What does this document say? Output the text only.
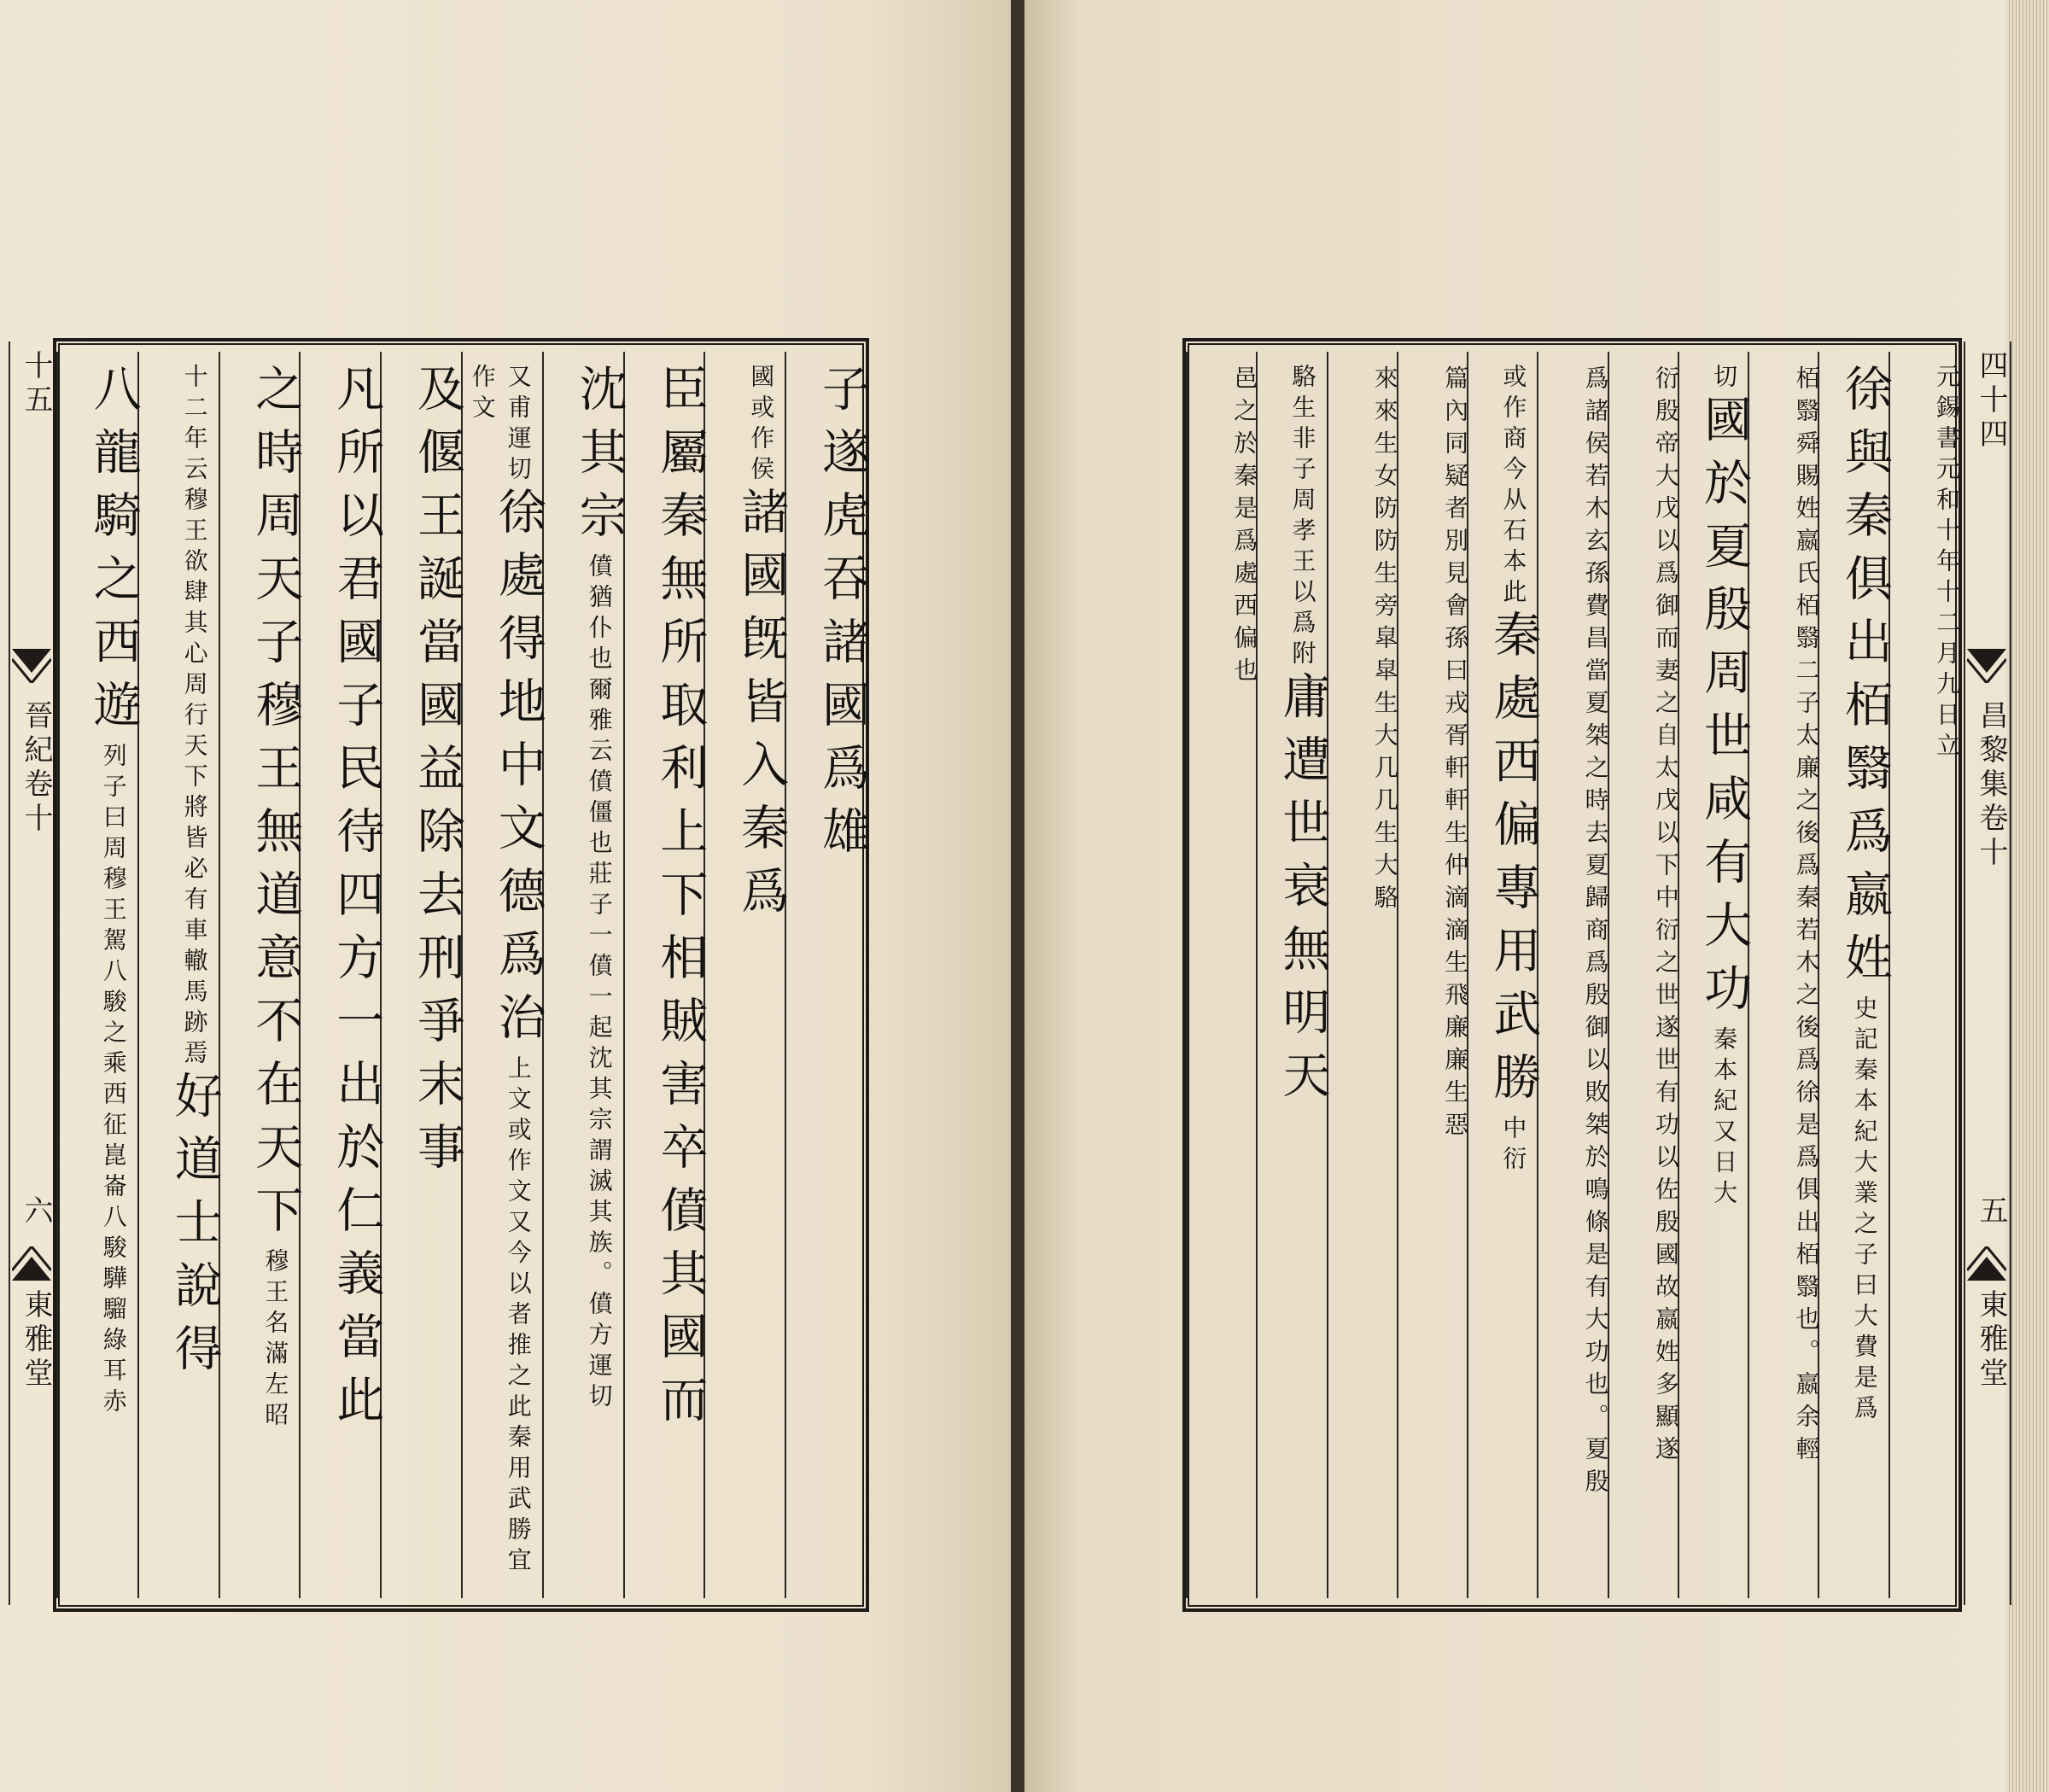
十五
晉紀卷十
六
東雅堂
子遂虎吞諸國爲雄
國或作侯諸國旣皆入秦爲
臣屬秦無所取利上下相賊害卒僨其國而
沈其宗僨猶仆也爾雅云僨僵也莊子一僨一起沈其宗謂滅其族。僨方運切
又甫運切徐處得地中文德爲治上文或作文又今以者推之此秦用武勝宜作文
及偃王誕當國益除去刑爭末事
凡所以君國子民待四方一出於仁義當此
之時周天子穆王無道意不在天下穆王名滿左昭
十二年云穆王欲肆其心周行天下將皆必有車轍馬跡焉好道士說得
八龍騎之西遊列子曰周穆王駕八駿之乘西征崑崙八駿驊騮綠耳赤
四十四
昌黎集卷十
五
東雅堂
元錫書元和十年十二月九日立
徐與秦俱出栢翳爲嬴姓史記秦本紀大業之子曰大費是爲
栢翳舜賜姓嬴氏栢翳二子太廉之後爲秦若木之後爲徐是爲俱出栢翳也。嬴余輕
切國於夏殷周世咸有大功秦本紀又日大
衍殷帝大戊以爲御而妻之自太戊以下中衍之世遂世有功以佐殷國故嬴姓多顯遂
爲諸侯若木玄孫費昌當夏桀之時去夏歸商爲殷御以敗桀於鳴條是有大功也。夏殷
或作商今从石本此秦處西偏專用武勝中衍
篇內同疑者別見會孫曰戎胥軒軒生仲滴滴生飛廉廉生惡
來來生女防防生旁皐皐生大几几生大駱
駱生非子周孝王以爲附庸遭世衰無明天
邑之於秦是爲處西偏也
